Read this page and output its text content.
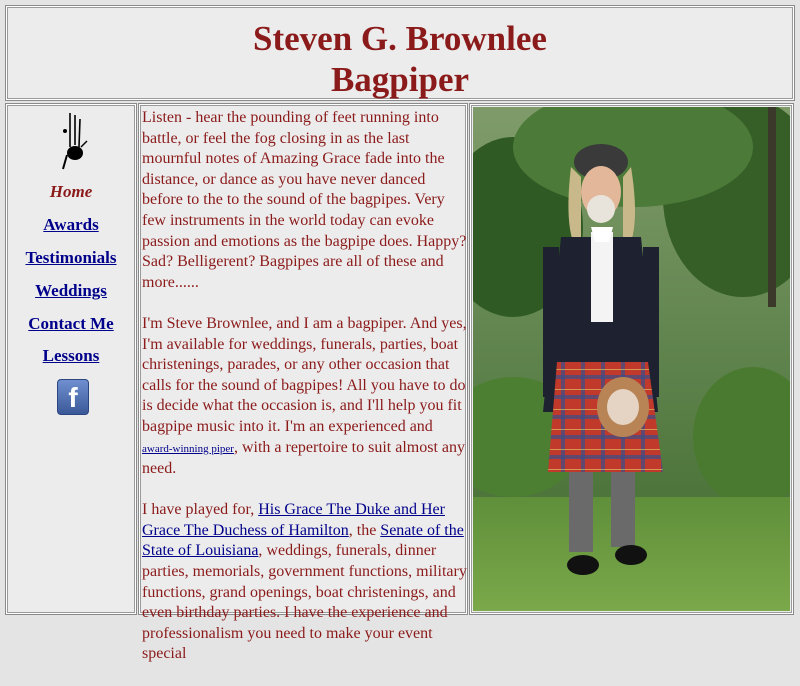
Steven G. Brownlee
Bagpiper
Home
Awards
Testimonials
Weddings
Contact Me
Lessons
f

Listen - hear the pounding of feet running into battle, or feel the fog closing in as the last mournful notes of Amazing Grace fade into the distance, or dance as you have never danced before to the to the sound of the bagpipes. Very few instruments in the world today can evoke passion and emotions as the bagpipe does. Happy? Sad? Belligerent? Bagpipes are all of these and more......

I'm Steve Brownlee, and I am a bagpiper. And yes, I'm available for weddings, funerals, parties, boat christenings, parades, or any other occasion that calls for the sound of bagpipes! All you have to do is decide what the occasion is, and I'll help you fit bagpipe music into it. I'm an experienced and award-winning piper, with a repertoire to suit almost any need.

I have played for, His Grace The Duke and Her Grace The Duchess of Hamilton, the Senate of the State of Louisiana, weddings, funerals, dinner parties, memorials, government functions, military functions, grand openings, boat christenings, and even birthday parties. I have the experience and professionalism you need to make your event special
